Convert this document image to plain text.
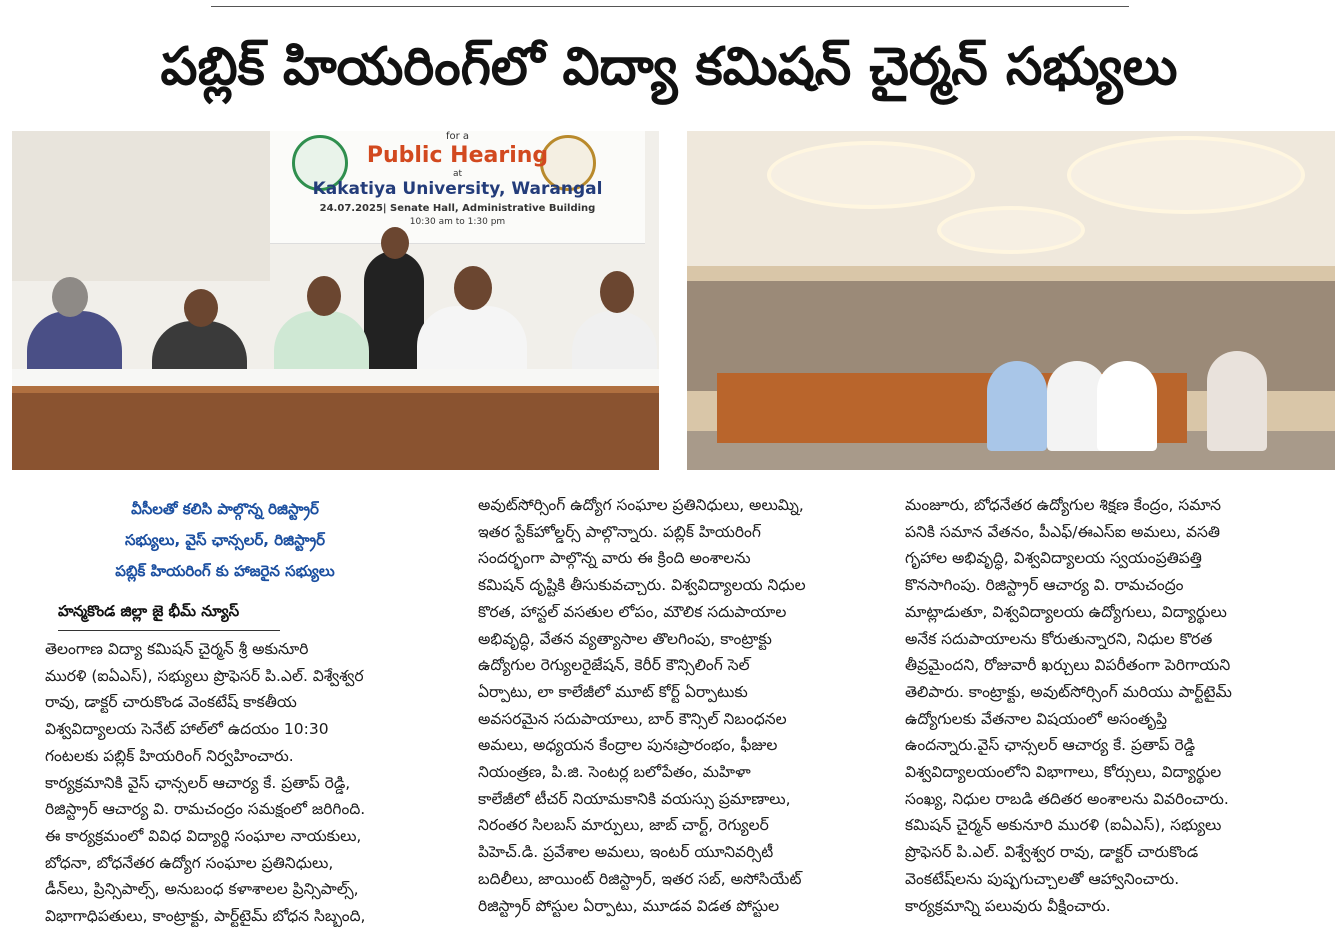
పబ్లిక్ హియరింగ్‌లో విద్యా కమిషన్ చైర్మన్ సభ్యులు
for a
Public Hearing
at
Kakatiya University, Warangal
24.07.2025| Senate Hall, Administrative Building
10:30 am to 1:30 pm
వీసీలతో కలిసి పాల్గొన్న రిజిస్ట్రార్
సభ్యులు, వైస్ ఛాన్సలర్, రిజిస్ట్రార్
పబ్లిక్ హియరింగ్ కు హాజరైన సభ్యులు
హన్మకొండ జిల్లా జై భీమ్ న్యూస్

తెలంగాణ విద్యా కమిషన్ చైర్మన్ శ్రీ అకునూరి

మురళి (ఐఏఎస్), సభ్యులు ప్రొఫెసర్ పి.ఎల్. విశ్వేశ్వర

రావు, డాక్టర్ చారుకొండ వెంకటేష్ కాకతీయ

విశ్వవిద్యాలయ సెనేట్ హాల్‌లో ఉదయం 10:30

గంటలకు పబ్లిక్ హియరింగ్ నిర్వహించారు.

కార్యక్రమానికి వైస్ ఛాన్సలర్ ఆచార్య కే. ప్రతాప్ రెడ్డి,

రిజిస్ట్రార్ ఆచార్య వి. రామచంద్రం సమక్షంలో జరిగింది.

ఈ కార్యక్రమంలో వివిధ విద్యార్థి సంఘాల నాయకులు,

బోధనా, బోధనేతర ఉద్యోగ సంఘాల ప్రతినిధులు,

డీన్‌లు, ప్రిన్సిపాల్స్, అనుబంధ కళాశాలల ప్రిన్సిపాల్స్,

విభాగాధిపతులు, కాంట్రాక్టు, పార్ట్‌టైమ్ బోధన సిబ్బంది,

అవుట్‌సోర్సింగ్ ఉద్యోగ సంఘాల ప్రతినిధులు, అలుమ్ని,

ఇతర స్టేక్‌హోల్డర్స్ పాల్గొన్నారు. పబ్లిక్ హియరింగ్

సందర్భంగా పాల్గొన్న వారు ఈ క్రింది అంశాలను

కమిషన్ దృష్టికి తీసుకువచ్చారు. విశ్వవిద్యాలయ నిధుల

కొరత, హాస్టల్ వసతుల లోపం, మౌలిక సదుపాయాల

అభివృద్ధి, వేతన వ్యత్యాసాల తొలగింపు, కాంట్రాక్టు

ఉద్యోగుల రెగ్యులరైజేషన్, కెరీర్ కౌన్సిలింగ్ సెల్

ఏర్పాటు, లా కాలేజీలో మూట్ కోర్ట్ ఏర్పాటుకు

అవసరమైన సదుపాయాలు, బార్ కౌన్సిల్ నిబంధనల

అమలు, అధ్యయన కేంద్రాల పునఃప్రారంభం, ఫీజుల

నియంత్రణ, పి.జి. సెంటర్ల బలోపేతం, మహిళా

కాలేజీలో టీచర్ నియామకానికి వయస్సు ప్రమాణాలు,

నిరంతర సిలబస్ మార్పులు, జాబ్ చార్ట్, రెగ్యులర్

పిహెచ్.డి. ప్రవేశాల అమలు, ఇంటర్ యూనివర్సిటీ

బదిలీలు, జాయింట్ రిజిస్ట్రార్, ఇతర సబ్, అసోసియేట్

రిజిస్ట్రార్ పోస్టుల ఏర్పాటు, మూడవ విడత పోస్టుల

మంజూరు, బోధనేతర ఉద్యోగుల శిక్షణ కేంద్రం, సమాన

పనికి సమాన వేతనం, పీఎఫ్/ఈఎస్ఐ అమలు, వసతి

గృహాల అభివృద్ధి, విశ్వవిద్యాలయ స్వయంప్రతిపత్తి

కొనసాగింపు. రిజిస్ట్రార్ ఆచార్య వి. రామచంద్రం

మాట్లాడుతూ, విశ్వవిద్యాలయ ఉద్యోగులు, విద్యార్థులు

అనేక సదుపాయాలను కోరుతున్నారని, నిధుల కొరత

తీవ్రమైందని, రోజువారీ ఖర్చులు విపరీతంగా పెరిగాయని

తెలిపారు. కాంట్రాక్టు, అవుట్‌సోర్సింగ్ మరియు పార్ట్‌టైమ్

ఉద్యోగులకు వేతనాల విషయంలో అసంతృప్తి

ఉందన్నారు.వైస్ ఛాన్సలర్ ఆచార్య కే. ప్రతాప్ రెడ్డి

విశ్వవిద్యాలయంలోని విభాగాలు, కోర్సులు, విద్యార్థుల

సంఖ్య, నిధుల రాబడి తదితర అంశాలను వివరించారు.

కమిషన్ చైర్మన్ అకునూరి మురళి (ఐఏఎస్), సభ్యులు

ప్రొఫెసర్ పి.ఎల్. విశ్వేశ్వర రావు, డాక్టర్ చారుకొండ

వెంకటేష్‌లను పుష్పగుచ్చాలతో ఆహ్వానించారు.

కార్యక్రమాన్ని పలువురు వీక్షించారు.
